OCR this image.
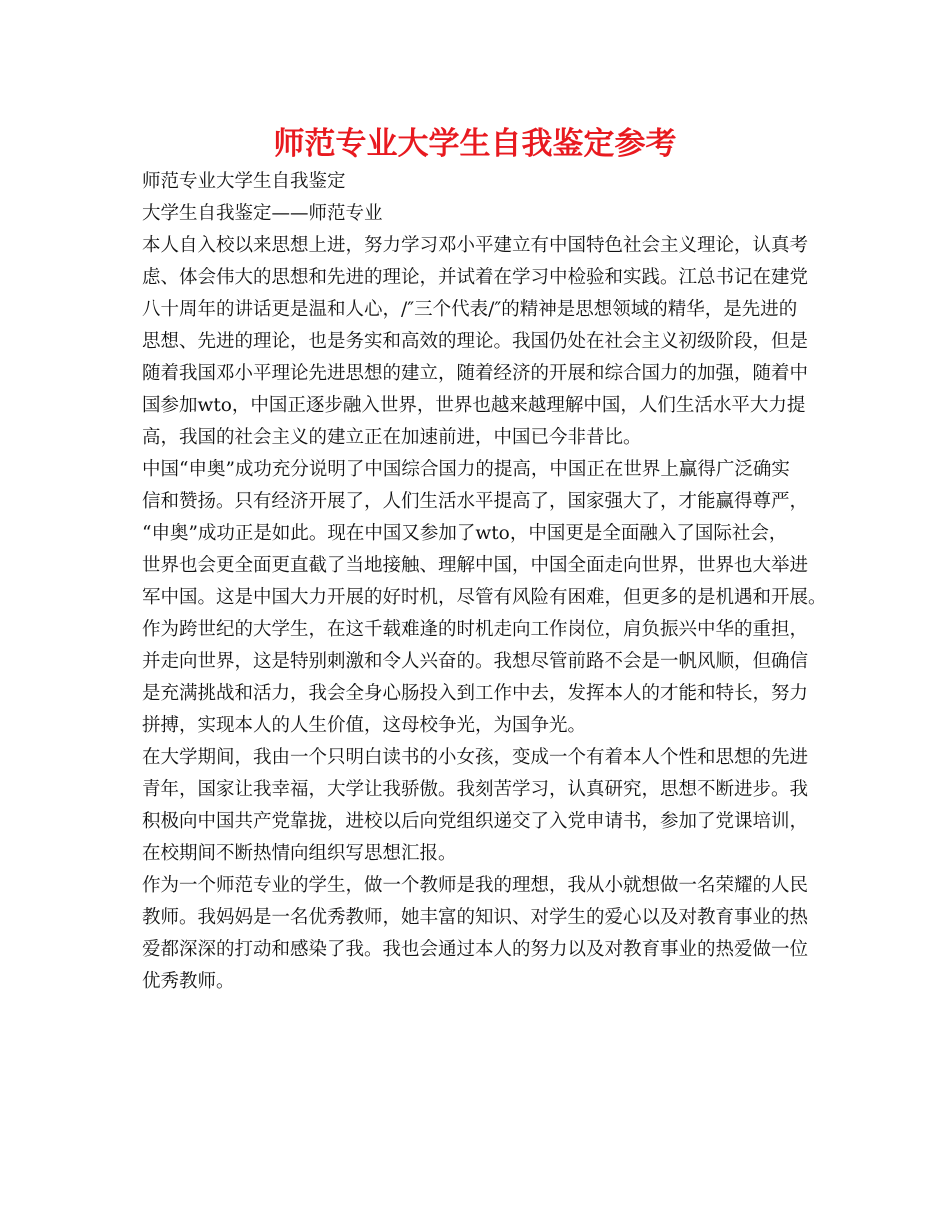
师范专业大学生自我鉴定参考

师范专业大学生自我鉴定

大学生自我鉴定——师范专业

本人自入校以来思想上进，努力学习邓小平建立有中国特色社会主义理论，认真考

虑、体会伟大的思想和先进的理论，并试着在学习中检验和实践。江总书记在建党

八十周年的讲话更是温和人心，/″三个代表/″的精神是思想领域的精华，是先进的

思想、先进的理论，也是务实和高效的理论。我国仍处在社会主义初级阶段，但是

随着我国邓小平理论先进思想的建立，随着经济的开展和综合国力的加强，随着中

国参加wto，中国正逐步融入世界，世界也越来越理解中国，人们生活水平大力提

高，我国的社会主义的建立正在加速前进，中国已今非昔比。

中国“申奥”成功充分说明了中国综合国力的提高，中国正在世界上赢得广泛确实

信和赞扬。只有经济开展了，人们生活水平提高了，国家强大了，才能赢得尊严，

“申奥”成功正是如此。现在中国又参加了wto，中国更是全面融入了国际社会，

世界也会更全面更直截了当地接触、理解中国，中国全面走向世界，世界也大举进

军中国。这是中国大力开展的好时机，尽管有风险有困难，但更多的是机遇和开展。

作为跨世纪的大学生，在这千载难逢的时机走向工作岗位，肩负振兴中华的重担，

并走向世界，这是特别刺激和令人兴奋的。我想尽管前路不会是一帆风顺，但确信

是充满挑战和活力，我会全身心肠投入到工作中去，发挥本人的才能和特长，努力

拼搏，实现本人的人生价值，这母校争光，为国争光。

在大学期间，我由一个只明白读书的小女孩，变成一个有着本人个性和思想的先进

青年，国家让我幸福，大学让我骄傲。我刻苦学习，认真研究，思想不断进步。我

积极向中国共产党靠拢，进校以后向党组织递交了入党申请书，参加了党课培训，

在校期间不断热情向组织写思想汇报。

作为一个师范专业的学生，做一个教师是我的理想，我从小就想做一名荣耀的人民

教师。我妈妈是一名优秀教师，她丰富的知识、对学生的爱心以及对教育事业的热

爱都深深的打动和感染了我。我也会通过本人的努力以及对教育事业的热爱做一位

优秀教师。
